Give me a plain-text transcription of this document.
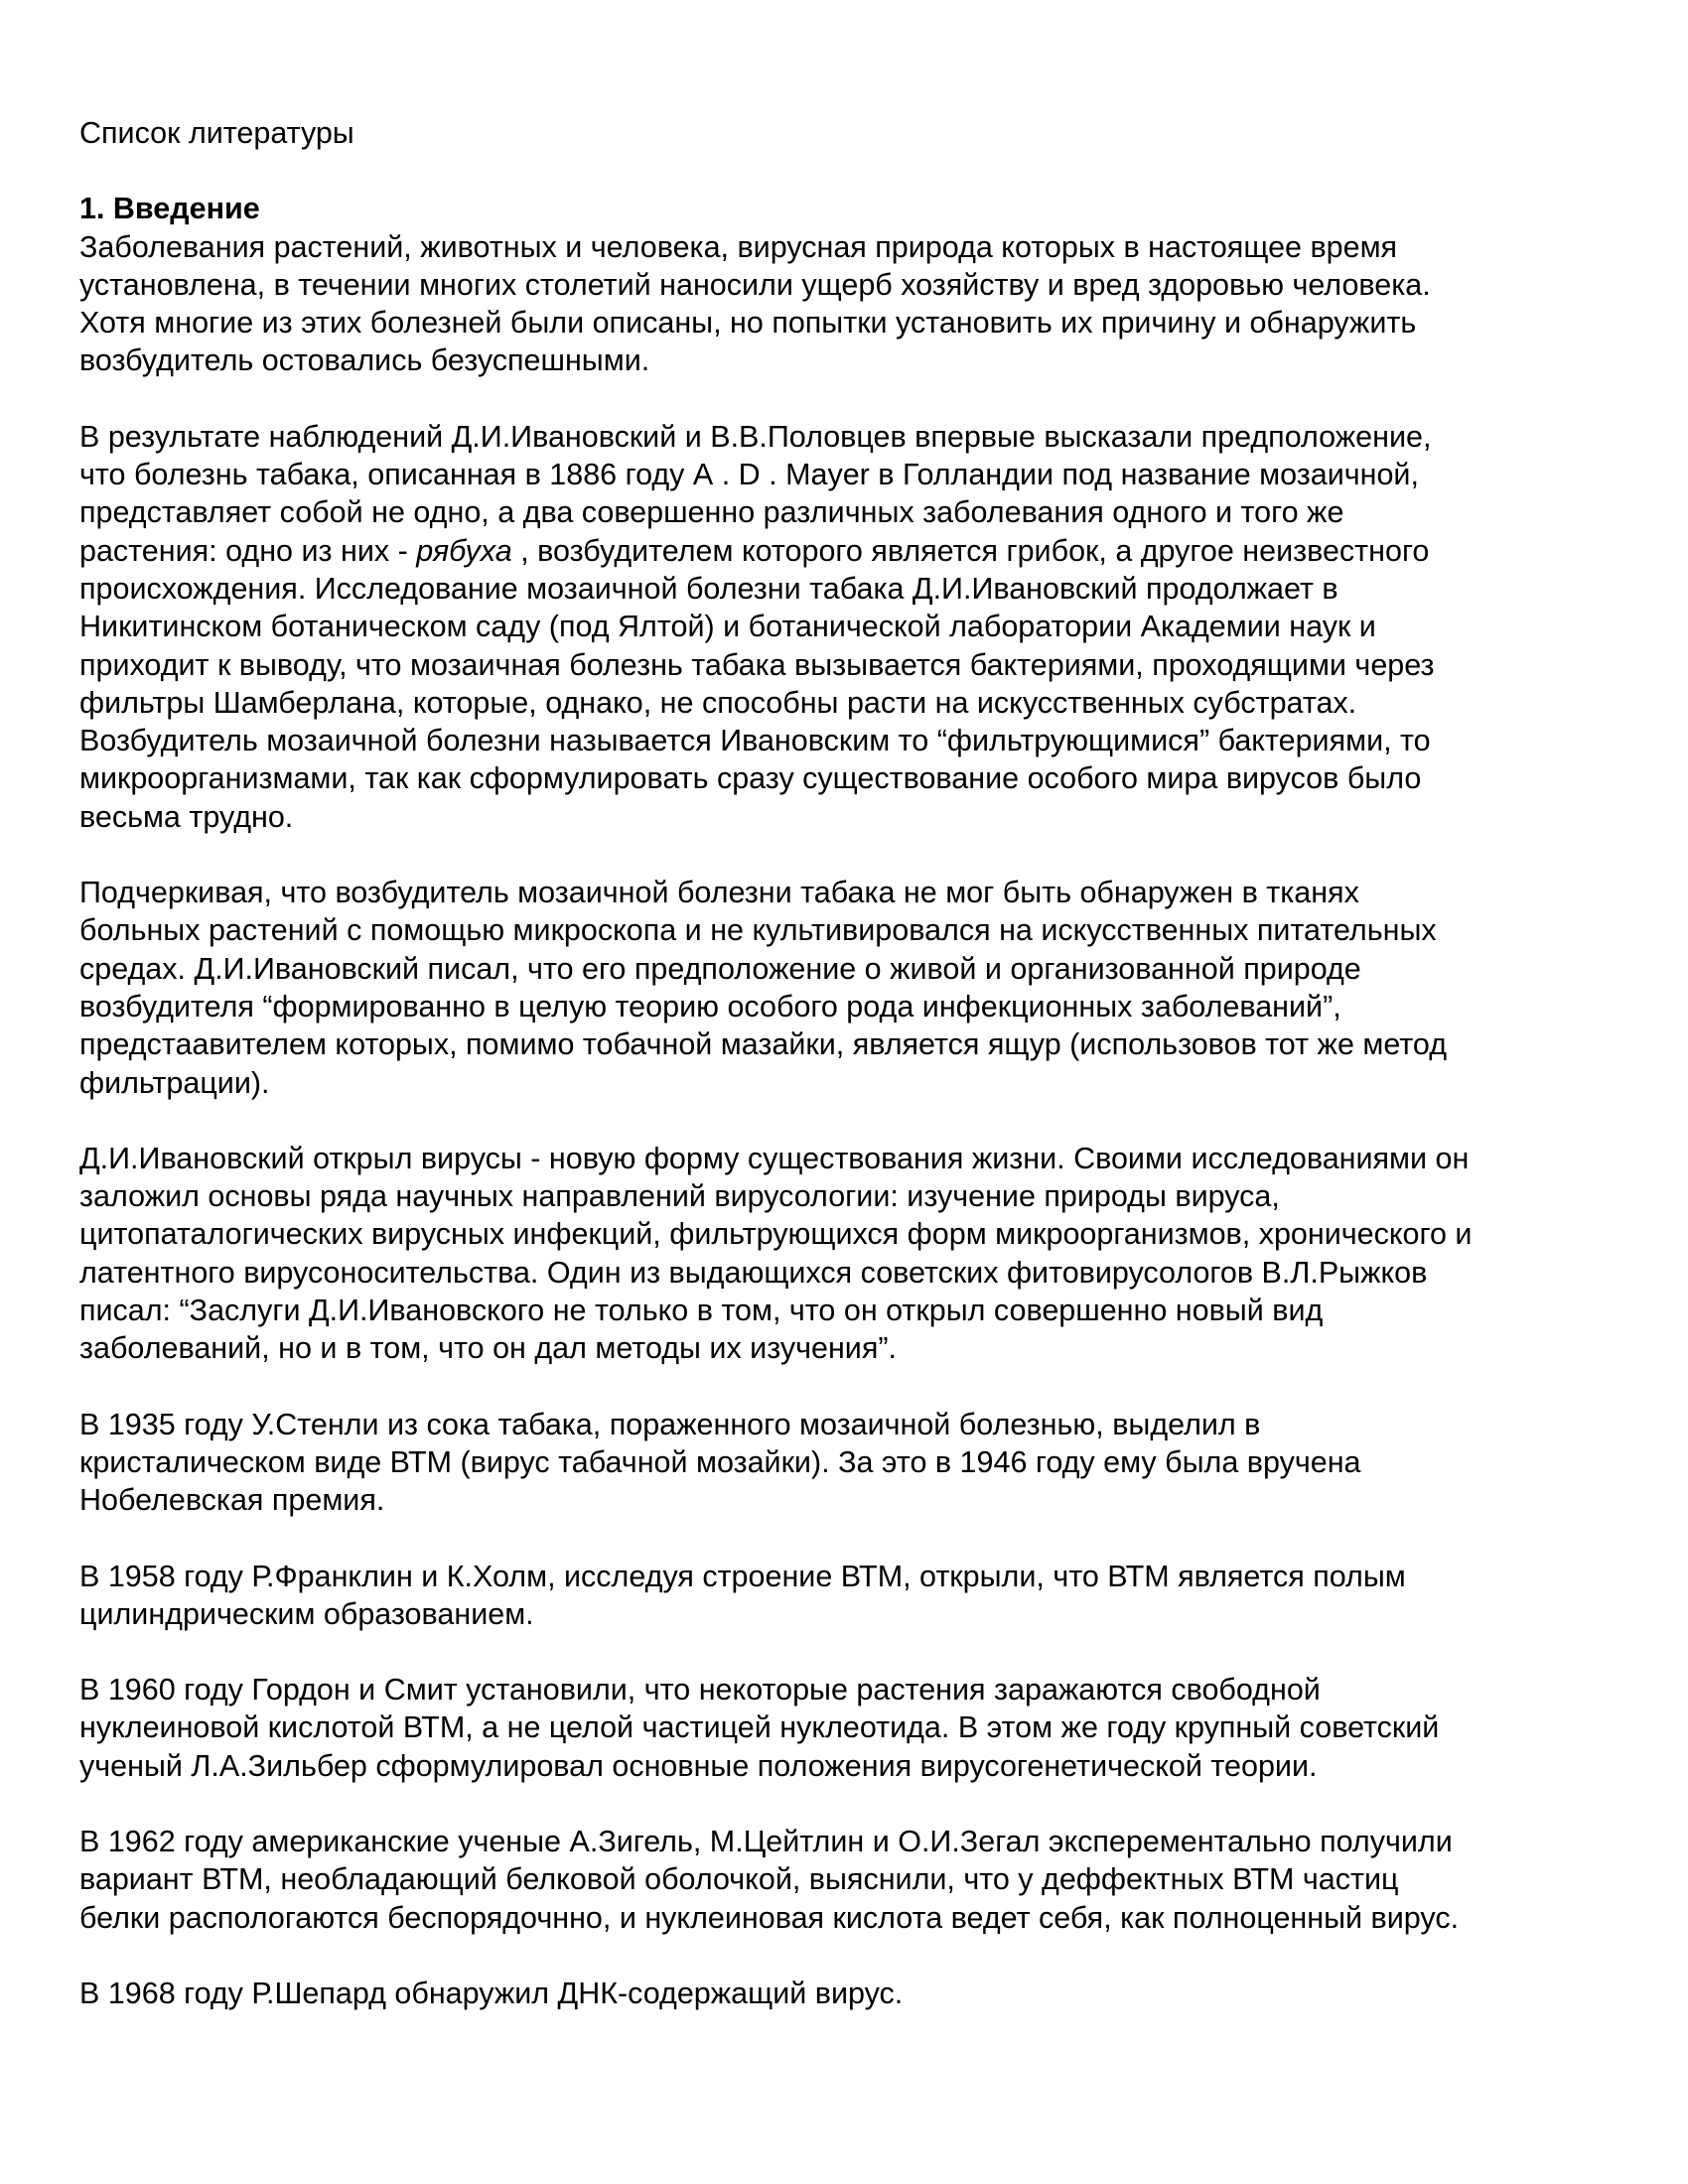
Список литературы

1. Введение

Заболевания растений, животных и человека, вирусная природа которых в настоящее время
установлена, в течении многих столетий наносили ущерб хозяйству и вред здоровью человека.
Хотя многие из этих болезней были описаны, но попытки установить их причину и обнаружить
возбудитель остовались безуспешными.
В результате наблюдений Д.И.Ивановский и В.В.Половцев впервые высказали предположение,
что болезнь табака, описанная в 1886 году А . D . Mayer в Голландии под название мозаичной,
представляет собой не одно, а два совершенно различных заболевания одного и того же
растения: одно из них - рябуха , возбудителем которого является грибок, а другое неизвестного
происхождения. Исследование мозаичной болезни табака Д.И.Ивановский продолжает в
Никитинском ботаническом саду (под Ялтой) и ботанической лаборатории Академии наук и
приходит к выводу, что мозаичная болезнь табака вызывается бактериями, проходящими через
фильтры Шамберлана, которые, однако, не способны расти на искусственных субстратах.
Возбудитель мозаичной болезни называется Ивановским то “фильтрующимися” бактериями, то
микроорганизмами, так как сформулировать сразу существование особого мира вирусов было
весьма трудно.
Подчеркивая, что возбудитель мозаичной болезни табака не мог быть обнаружен в тканях
больных растений с помощью микроскопа и не культивировался на искусственных питательных
средах. Д.И.Ивановский писал, что его предположение о живой и организованной природе
возбудителя “формированно в целую теорию особого рода инфекционных заболеваний”,
предстаавителем которых, помимо тобачной мазайки, является ящур (использовов тот же метод
фильтрации).
Д.И.Ивановский открыл вирусы - новую форму существования жизни. Своими исследованиями он
заложил основы ряда научных направлений вирусологии: изучение природы вируса,
цитопаталогических вирусных инфекций, фильтрующихся форм микроорганизмов, хронического и
латентного вирусоносительства. Один из выдающихся советских фитовирусологов В.Л.Рыжков
писал: “Заслуги Д.И.Ивановского не только в том, что он открыл совершенно новый вид
заболеваний, но и в том, что он дал методы их изучения”.
В 1935 году У.Стенли из сока табака, пораженного мозаичной болезнью, выделил в
кристалическом виде ВТМ (вирус табачной мозайки). За это в 1946 году ему была вручена
Нобелевская премия.
В 1958 году Р.Франклин и К.Холм, исследуя строение ВТМ, открыли, что ВТМ является полым
цилиндрическим образованием.
В 1960 году Гордон и Смит установили, что некоторые растения заражаются свободной
нуклеиновой кислотой ВТМ, а не целой частицей нуклеотида. В этом же году крупный советский
ученый Л.А.Зильбер сформулировал основные положения вирусогенетической теории.
В 1962 году американские ученые А.Зигель, М.Цейтлин и О.И.Зегал эксперементально получили
вариант ВТМ, необладающий белковой оболочкой, выяснили, что у деффектных ВТМ частиц
белки распологаются беспорядочнно, и нуклеиновая кислота ведет себя, как полноценный вирус.
В 1968 году Р.Шепард обнаружил ДНК-содержащий вирус.
